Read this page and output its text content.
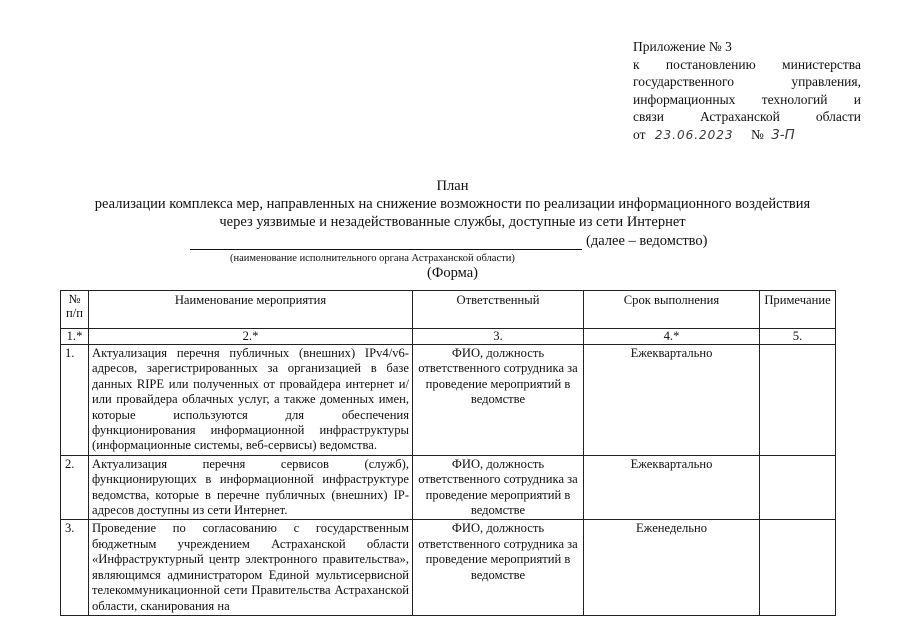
Приложение № 3
к постановлению министерства
государственного управления,
информационных технологий и
связи Астраханской области
от 23.06.2023 № 3-П
План
реализации комплекса мер, направленных на снижение возможности по реализации информационного воздействия
через уязвимые и незадействованные службы, доступные из сети Интернет
(далее – ведомство)
(наименование исполнительного органа Астраханской области)
(Форма)
№ п/п	Наименование мероприятия	Ответственный	Срок выполнения	Примечание
1.*	2.*	3.	4.*	5.
1.	Актуализация перечня публичных (внешних) IPv4/v6-адресов, зарегистрированных за организацией в базе данных RIPE или полученных от провайдера интернет и/или провайдера облачных услуг, а также доменных имен, которые используются для обеспечения функционирования информационной инфраструктуры (информационные системы, веб-сервисы) ведомства.	ФИО, должность ответственного сотрудника за проведение мероприятий в ведомстве	Ежеквартально	
2.	Актуализация перечня сервисов (служб), функционирующих в информационной инфраструктуре ведомства, которые в перечне публичных (внешних) IP-адресов доступны из сети Интернет.	ФИО, должность ответственного сотрудника за проведение мероприятий в ведомстве	Ежеквартально	
3.	Проведение по согласованию с государственным бюджетным учреждением Астраханской области «Инфраструктурный центр электронного правительства», являющимся администратором Единой мультисервисной телекоммуникационной сети Правительства Астраханской области, сканирования на	ФИО, должность ответственного сотрудника за проведение мероприятий в ведомстве	Еженедельно	
